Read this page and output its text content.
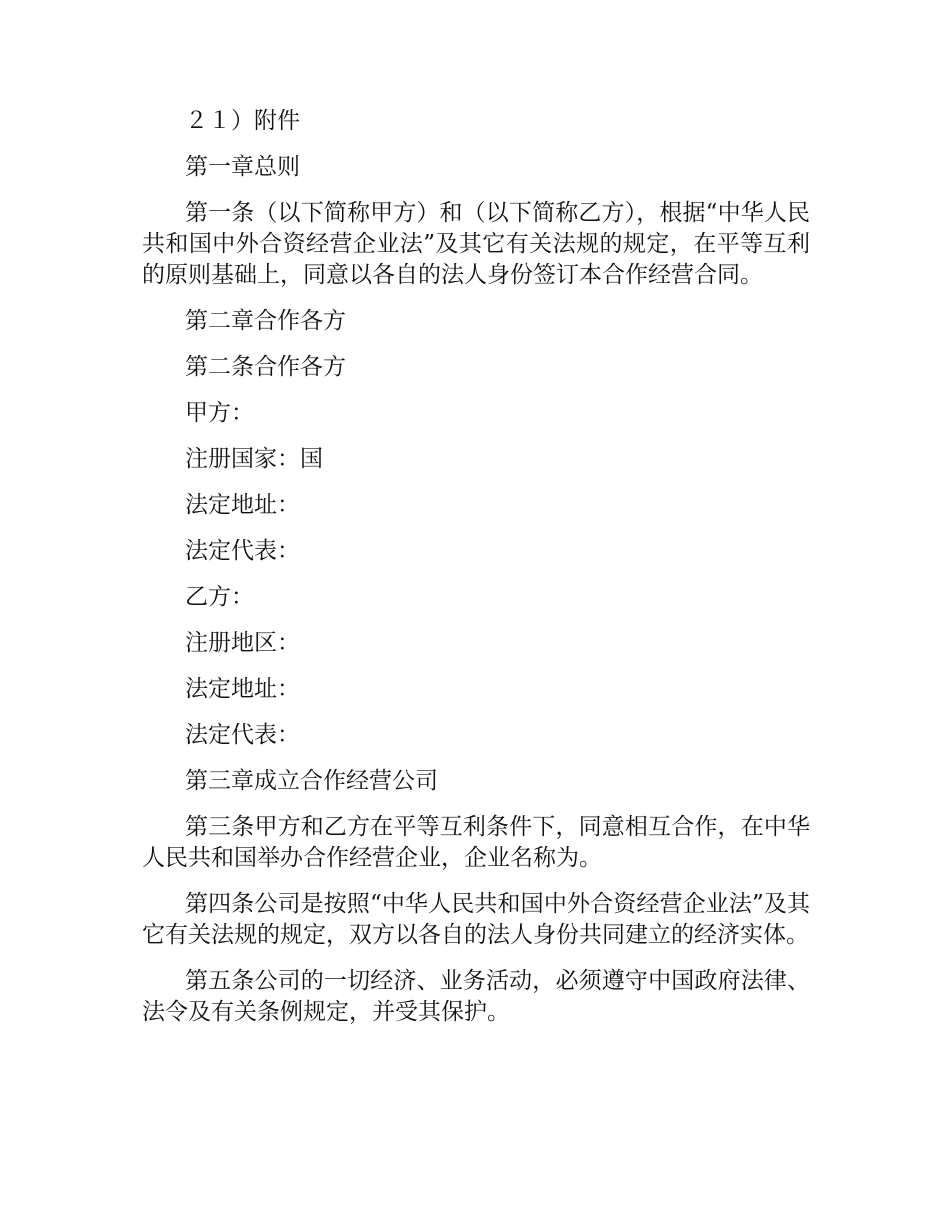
２１）附件

第一章总则

第一条（以下简称甲方）和（以下简称乙方），根据“中华人民共和国中外合资经营企业法”及其它有关法规的规定，在平等互利的原则基础上，同意以各自的法人身份签订本合作经营合同。

第二章合作各方

第二条合作各方

甲方：

注册国家：国

法定地址：

法定代表：

乙方：

注册地区：

法定地址：

法定代表：

第三章成立合作经营公司

第三条甲方和乙方在平等互利条件下，同意相互合作，在中华人民共和国举办合作经营企业，企业名称为。

第四条公司是按照“中华人民共和国中外合资经营企业法”及其它有关法规的规定，双方以各自的法人身份共同建立的经济实体。

第五条公司的一切经济、业务活动，必须遵守中国政府法律、法令及有关条例规定，并受其保护。
